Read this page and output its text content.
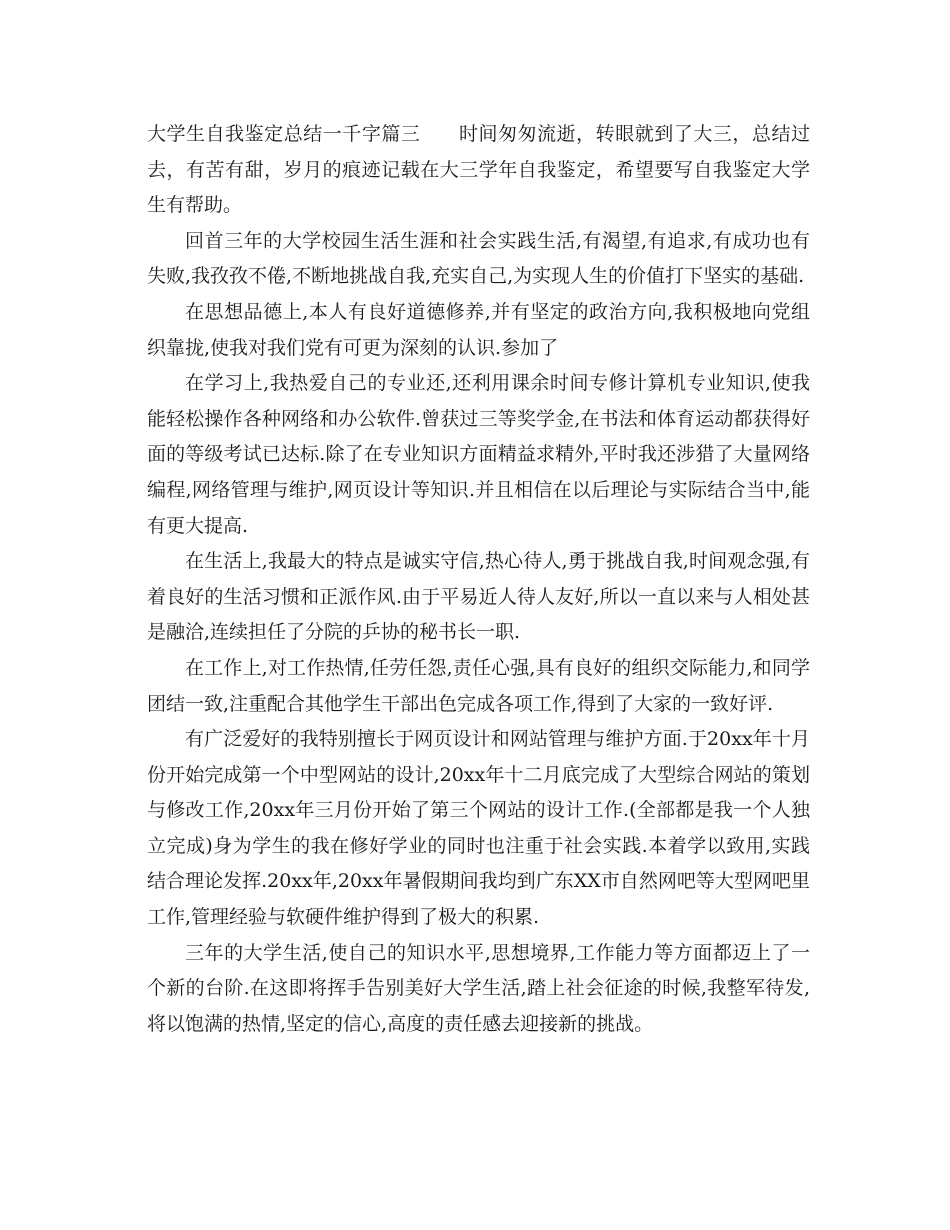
大学生自我鉴定总结一千字篇三 时间匆匆流逝，转眼就到了大三，总结过去，有苦有甜，岁月的痕迹记载在大三学年自我鉴定，希望要写自我鉴定大学生有帮助。

回首三年的大学校园生活生涯和社会实践生活,有渴望,有追求,有成功也有失败,我孜孜不倦,不断地挑战自我,充实自己,为实现人生的价值打下坚实的基础.

在思想品德上,本人有良好道德修养,并有坚定的政治方向,我积极地向党组织靠拢,使我对我们党有可更为深刻的认识.参加了

在学习上,我热爱自己的专业还,还利用课余时间专修计算机专业知识,使我能轻松操作各种网络和办公软件.曾获过三等奖学金,在书法和体育运动都获得好面的等级考试已达标.除了在专业知识方面精益求精外,平时我还涉猎了大量网络编程,网络管理与维护,网页设计等知识.并且相信在以后理论与实际结合当中,能有更大提高.

在生活上,我最大的特点是诚实守信,热心待人,勇于挑战自我,时间观念强,有着良好的生活习惯和正派作风.由于平易近人待人友好,所以一直以来与人相处甚是融洽,连续担任了分院的乒协的秘书长一职.

在工作上,对工作热情,任劳任怨,责任心强,具有良好的组织交际能力,和同学团结一致,注重配合其他学生干部出色完成各项工作,得到了大家的一致好评.

有广泛爱好的我特别擅长于网页设计和网站管理与维护方面.于20xx年十月份开始完成第一个中型网站的设计,20xx年十二月底完成了大型综合网站的策划与修改工作,20xx年三月份开始了第三个网站的设计工作.(全部都是我一个人独立完成)身为学生的我在修好学业的同时也注重于社会实践.本着学以致用,实践结合理论发挥.20xx年,20xx年暑假期间我均到广东XX市自然网吧等大型网吧里工作,管理经验与软硬件维护得到了极大的积累.

三年的大学生活,使自己的知识水平,思想境界,工作能力等方面都迈上了一个新的台阶.在这即将挥手告别美好大学生活,踏上社会征途的时候,我整军待发,将以饱满的热情,坚定的信心,高度的责任感去迎接新的挑战。
